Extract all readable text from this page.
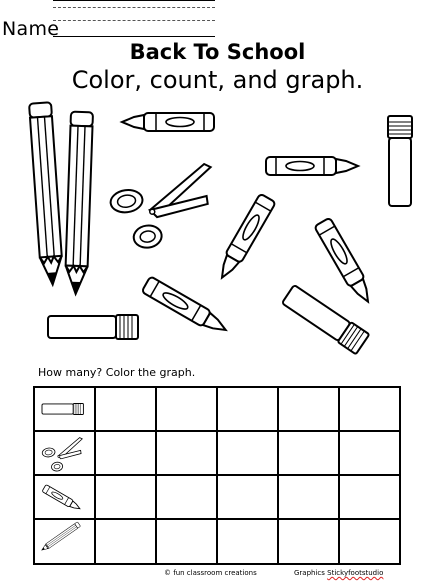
Name
Back To School
Color, count, and graph.
How many? Color the graph.
© fun classroom creations	Graphics Stickyfootstudio
